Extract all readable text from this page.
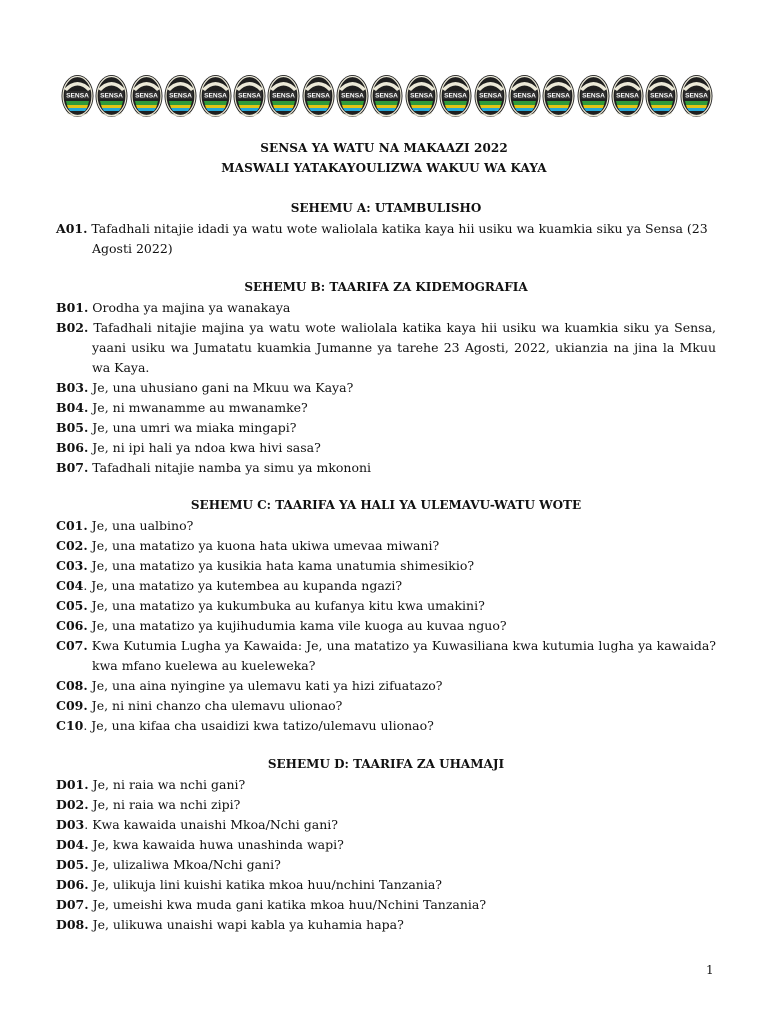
SENSA SENSA SENSA SENSA SENSA SENSA SENSA SENSA SENSA SENSA SENSA SENSA SENSA SENSA SENSA SENSA SENSA SENSA SENSA
SENSA YA WATU NA MAKAAZI 2022
MASWALI YATAKAYOULIZWA WAKUU WA KAYA
SEHEMU A: UTAMBULISHO
A01. Tafadhali nitajie idadi ya watu wote waliolala katika kaya hii usiku wa kuamkia siku ya Sensa (23 Agosti 2022)
SEHEMU B: TAARIFA ZA KIDEMOGRAFIA
B01. Orodha ya majina ya wanakaya
B02. Tafadhali nitajie majina ya watu wote waliolala katika kaya hii usiku wa kuamkia siku ya Sensa, yaani usiku wa Jumatatu kuamkia Jumanne ya tarehe 23 Agosti, 2022, ukianzia na jina la Mkuu wa Kaya.
B03. Je, una uhusiano gani na Mkuu wa Kaya?
B04. Je, ni mwanamme au mwanamke?
B05. Je, una umri wa miaka mingapi?
B06. Je, ni ipi hali ya ndoa kwa hivi sasa?
B07. Tafadhali nitajie namba ya simu ya mkononi
SEHEMU C: TAARIFA YA HALI YA ULEMAVU-WATU WOTE
C01. Je, una ualbino?
C02. Je, una matatizo ya kuona hata ukiwa umevaa miwani?
C03. Je, una matatizo ya kusikia hata kama unatumia shimesikio?
C04. Je, una matatizo ya kutembea au kupanda ngazi?
C05. Je, una matatizo ya kukumbuka au kufanya kitu kwa umakini?
C06. Je, una matatizo ya kujihudumia kama vile kuoga au kuvaa nguo?
C07. Kwa Kutumia Lugha ya Kawaida: Je, una matatizo ya Kuwasiliana kwa kutumia lugha ya kawaida? kwa mfano kuelewa au kueleweka?
C08. Je, una aina nyingine ya ulemavu kati ya hizi zifuatazo?
C09. Je, ni nini chanzo cha ulemavu ulionao?
C10. Je, una kifaa cha usaidizi kwa tatizo/ulemavu ulionao?
SEHEMU D: TAARIFA ZA UHAMAJI
D01. Je, ni raia wa nchi gani?
D02. Je, ni raia wa nchi zipi?
D03. Kwa kawaida unaishi Mkoa/Nchi gani?
D04. Je, kwa kawaida huwa unashinda wapi?
D05. Je, ulizaliwa Mkoa/Nchi gani?
D06. Je, ulikuja lini kuishi katika mkoa huu/nchini Tanzania?
D07. Je, umeishi kwa muda gani katika mkoa huu/Nchini Tanzania?
D08. Je, ulikuwa unaishi wapi kabla ya kuhamia hapa?
1
